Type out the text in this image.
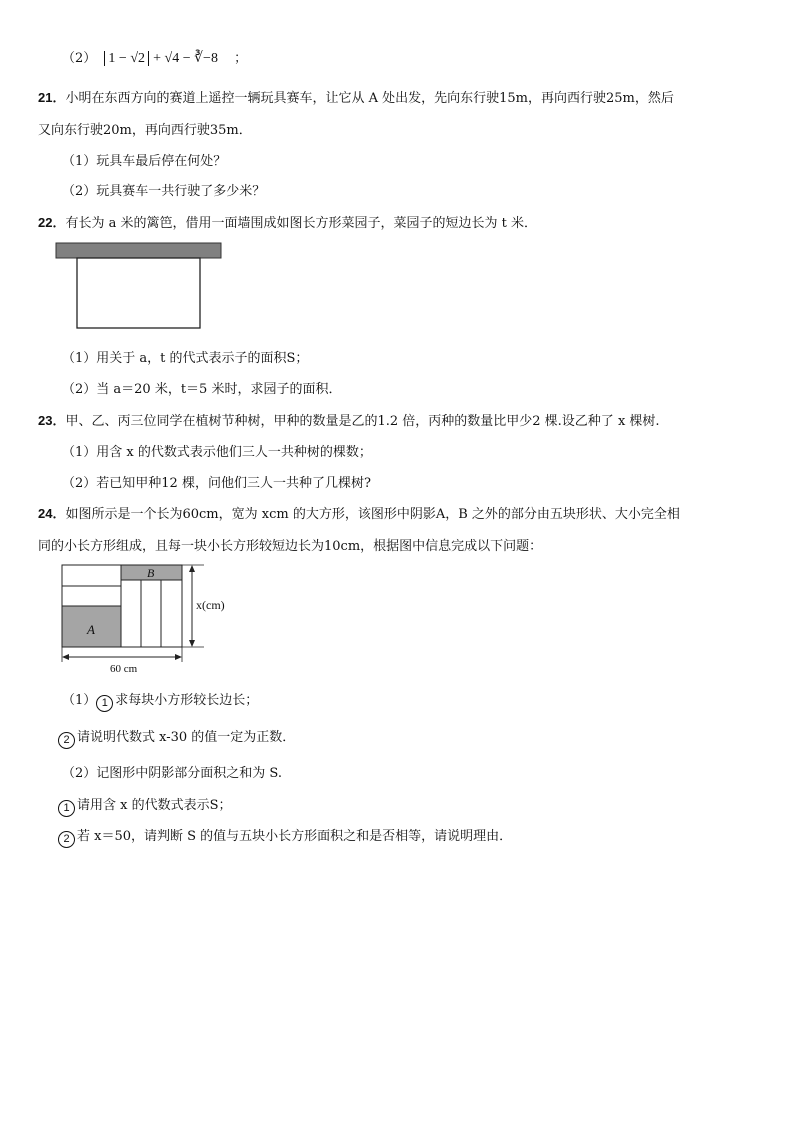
（2） 1 − √2 + √4 − ∛−8 ；
21．小明在东西方向的赛道上遥控一辆玩具赛车，让它从 A 处出发，先向东行驶15m，再向西行驶25m，然后
又向东行驶20m，再向西行驶35m．
（1）玩具车最后停在何处？
（2）玩具赛车一共行驶了多少米？
22．有长为 a 米的篱笆，借用一面墙围成如图长方形菜园子，菜园子的短边长为 t 米．
（1）用关于 a，t 的代式表示子的面积S；
（2）当 a＝20 米，t＝5 米时，求园子的面积．
23．甲、乙、丙三位同学在植树节种树，甲种的数量是乙的1.2 倍，丙种的数量比甲少2 棵.设乙种了 x 棵树.
（1）用含 x 的代数式表示他们三人一共种树的棵数；
（2）若已知甲种12 棵，问他们三人一共种了几棵树?
24．如图所示是一个长为60cm，宽为 xcm 的大方形，该图形中阴影A，B 之外的部分由五块形状、大小完全相
同的小长方形组成，且每一块小长方形较短边长为10cm，根据图中信息完成以下问题：
A
B
x(cm)
60 cm
（1） 1 求每块小方形较长边长；
2 请说明代数式 x-30 的值一定为正数．
（2）记图形中阴影部分面积之和为 S.
1 请用含 x 的代数式表示S；
2 若 x＝50，请判断 S 的值与五块小长方形面积之和是否相等，请说明理由．
